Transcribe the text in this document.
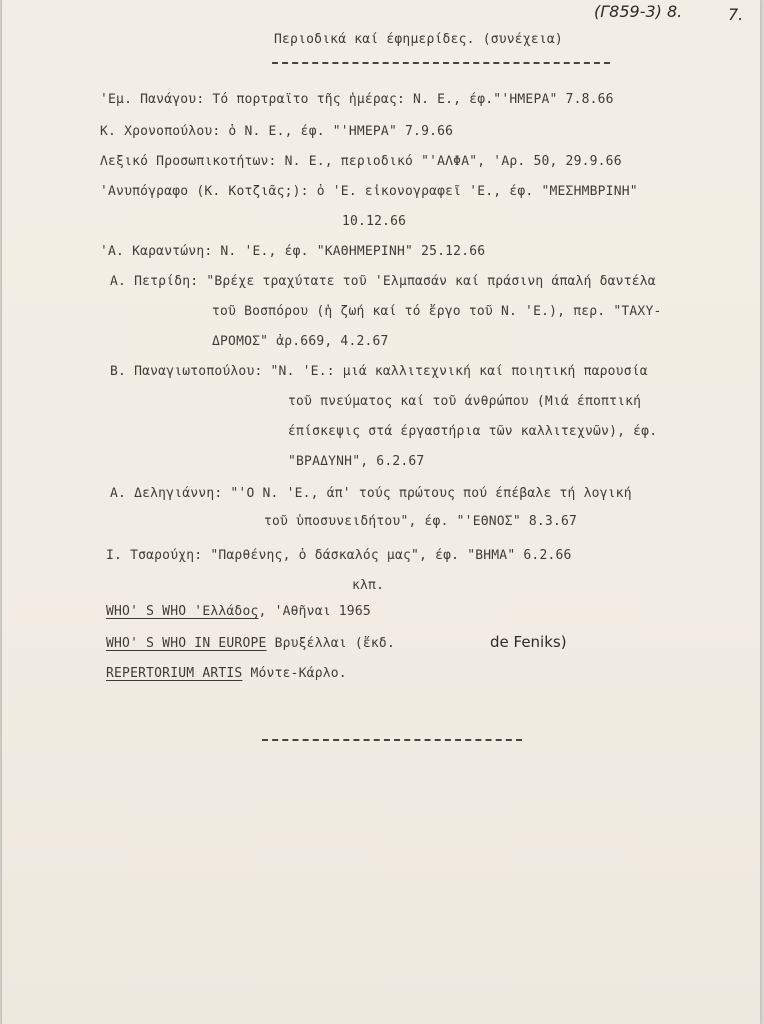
(Γ859-3) 8.	7.
Περιοδικά καί έφημερίδες. (συνέχεια)
'Εμ. Πανάγου: Τό πορτραϊτο τῆς ἡμέρας: Ν. Ε., έφ."'ΗΜΕΡΑ" 7.8.66
Κ. Χρονοπούλου: ὁ Ν. Ε., έφ. "'ΗΜΕΡΑ" 7.9.66
Λεξικό Προσωπικοτήτων: Ν. Ε., περιοδικό "'ΑΛΦΑ", 'Αρ. 50, 29.9.66
'Ανυπόγραφο (Κ. Κοτζιᾶς;): ὁ 'Ε. εἰκονογραφεῖ 'Ε., έφ. "ΜΕΣΗΜΒΡΙΝΗ"
10.12.66
'Α. Καραντώνη: Ν. 'Ε., έφ. "ΚΑΘΗΜΕΡΙΝΗ" 25.12.66
Α. Πετρίδη: "Βρέχε τραχύτατε τοῦ 'Ελμπασάν καί πράσινη άπαλή δαντέλα
τοῦ Βοσπόρου (ἡ ζωή καί τό ἔργο τοῦ Ν. 'Ε.), περ. "ΤΑΧΥ-
ΔΡΟΜΟΣ" ἀρ.669, 4.2.67
Β. Παναγιωτοπούλου: "Ν. 'Ε.: μιά καλλιτεχνική καί ποιητική παρουσία
τοῦ πνεύματος καί τοῦ άνθρώπου (Μιά έποπτική
έπίσκεψις στά έργαστήρια τῶν καλλιτεχνῶν), έφ.
"ΒΡΑΔΥΝΗ", 6.2.67
Α. Δεληγιάννη: "'Ο Ν. 'Ε., άπ' τούς πρώτους πού έπέβαλε τή λογική
τοῦ ὑποσυνειδήτου", έφ. "'ΕΘΝΟΣ" 8.3.67
Ι. Τσαρούχη: "Παρθένης, ὁ δάσκαλός μας", έφ. "ΒΗΜΑ" 6.2.66
κλπ.
WHO' S WHO 'Ελλάδος, 'Αθῆναι 1965
WHO' S WHO IN EUROPE Βρυξέλλαι (ἔκδ.	de Feniks)
REPERTORIUM ARTIS Μόντε-Κάρλο.
